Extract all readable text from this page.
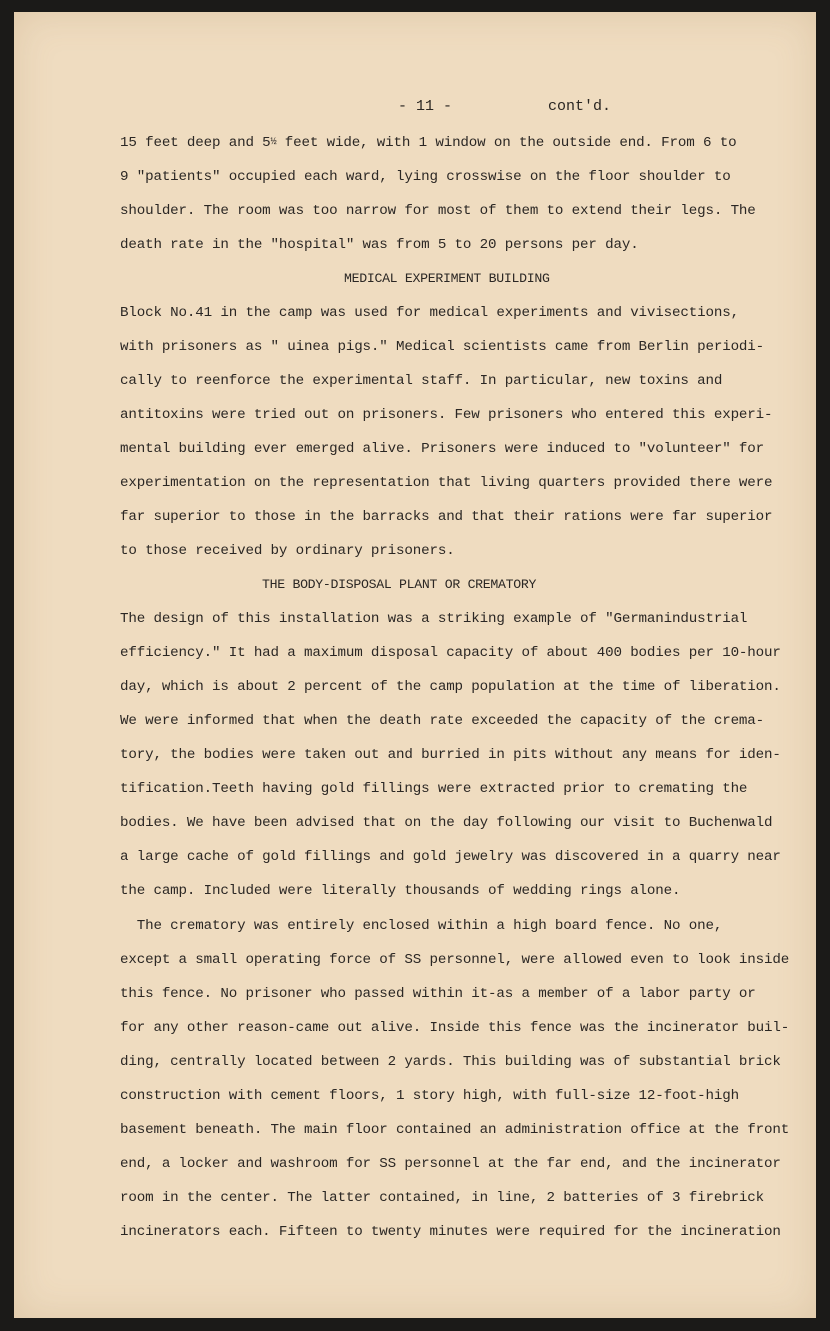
- 11 -	cont'd.
15 feet deep and 5½ feet wide, with 1 window on the outside end. From 6 to
9 "patients" occupied each ward, lying crosswise on the floor shoulder to
shoulder. The room was too narrow for most of them to extend their legs. The
death rate in the "hospital" was from 5 to 20 persons per day.
MEDICAL EXPERIMENT BUILDING
Block No.41 in the camp was used for medical experiments and vivisections,
with prisoners as " uinea pigs." Medical scientists came from Berlin periodi-
cally to reenforce the experimental staff. In particular, new toxins and
antitoxins were tried out on prisoners. Few prisoners who entered this experi-
mental building ever emerged alive. Prisoners were induced to "volunteer" for
experimentation on the representation that living quarters provided there were
far superior to those in the barracks and that their rations were far superior
to those received by ordinary prisoners.
THE BODY-DISPOSAL PLANT OR CREMATORY
The design of this installation was a striking example of "Germanindustrial
efficiency." It had a maximum disposal capacity of about 400 bodies per 10-hour
day, which is about 2 percent of the camp population at the time of liberation.
We were informed that when the death rate exceeded the capacity of the crema-
tory, the bodies were taken out and burried in pits without any means for iden-
tification.Teeth having gold fillings were extracted prior to cremating the
bodies. We have been advised that on the day following our visit to Buchenwald
a large cache of gold fillings and gold jewelry was discovered in a quarry near
the camp. Included were literally thousands of wedding rings alone.
The crematory was entirely enclosed within a high board fence. No one,
except a small operating force of SS personnel, were allowed even to look inside
this fence. No prisoner who passed within it-as a member of a labor party or
for any other reason-came out alive. Inside this fence was the incinerator buil-
ding, centrally located between 2 yards. This building was of substantial brick
construction with cement floors, 1 story high, with full-size 12-foot-high
basement beneath. The main floor contained an administration office at the front
end, a locker and washroom for SS personnel at the far end, and the incinerator
room in the center. The latter contained, in line, 2 batteries of 3 firebrick
incinerators each. Fifteen to twenty minutes were required for the incineration
